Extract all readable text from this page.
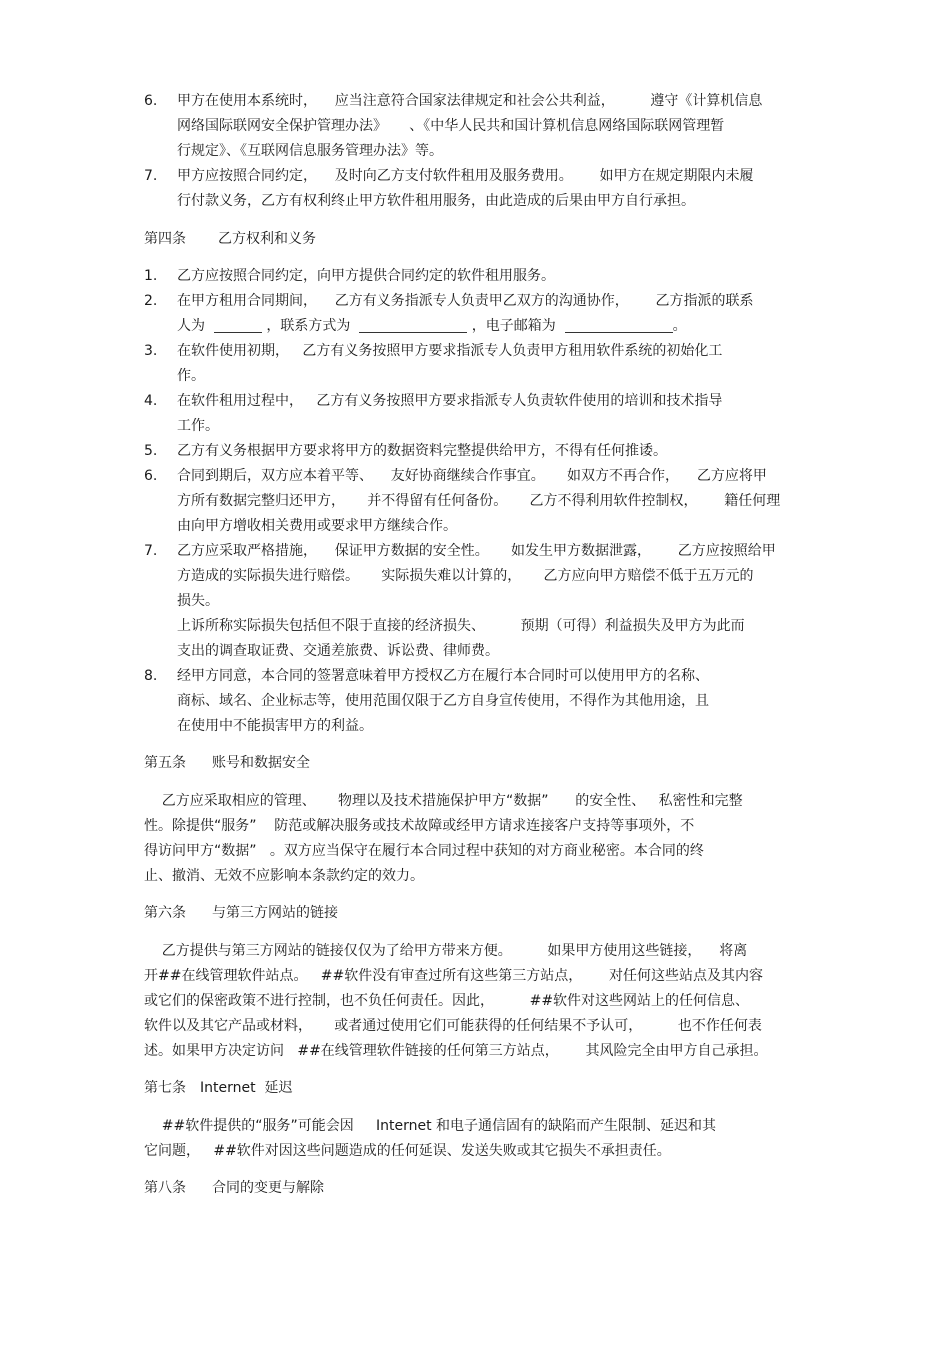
6.	甲方在使用本系统时，    应当注意符合国家法律规定和社会公共利益，        遵守《计算机信息
网络国际联网安全保护管理办法》     、《中华人民共和国计算机信息网络国际联网管理暂
行规定》、《互联网信息服务管理办法》等。
7.	甲方应按照合同约定，    及时向乙方支付软件租用及服务费用。      如甲方在规定期限内未履
行付款义务，乙方有权利终止甲方软件租用服务，由此造成的后果由甲方自行承担。
第四条 乙方权利和义务
1.	乙方应按照合同约定，向甲方提供合同约定的软件租用服务。
2.	在甲方租用合同期间，    乙方有义务指派专人负责甲乙双方的沟通协作，      乙方指派的联系
人为	，联系方式为	，电子邮箱为	。
3.	在软件使用初期，   乙方有义务按照甲方要求指派专人负责甲方租用软件系统的初始化工
作。
4.	在软件租用过程中，   乙方有义务按照甲方要求指派专人负责软件使用的培训和技术指导
工作。
5.	乙方有义务根据甲方要求将甲方的数据资料完整提供给甲方，不得有任何推诿。
6.	合同到期后，双方应本着平等、    友好协商继续合作事宜。     如双方不再合作，    乙方应将甲
方所有数据完整归还甲方，     并不得留有任何备份。     乙方不得利用软件控制权，      籍任何理
由向甲方增收相关费用或要求甲方继续合作。
7.	乙方应采取严格措施，    保证甲方数据的安全性。     如发生甲方数据泄露，      乙方应按照给甲
方造成的实际损失进行赔偿。     实际损失难以计算的，     乙方应向甲方赔偿不低于五万元的
损失。
上诉所称实际损失包括但不限于直接的经济损失、        预期（可得）利益损失及甲方为此而
支出的调查取证费、交通差旅费、诉讼费、律师费。
8.	经甲方同意，本合同的签署意味着甲方授权乙方在履行本合同时可以使用甲方的名称、
商标、域名、企业标志等，使用范围仅限于乙方自身宣传使用，不得作为其他用途，且
在使用中不能损害甲方的利益。
第五条 账号和数据安全
乙方应采取相应的管理、     物理以及技术措施保护甲方“数据”      的安全性、   私密性和完整
性。除提供“服务”    防范或解决服务或技术故障或经甲方请求连接客户支持等事项外，不
得访问甲方“数据”   。双方应当保守在履行本合同过程中获知的对方商业秘密。本合同的终
止、撤消、无效不应影响本条款约定的效力。
第六条 与第三方网站的链接
乙方提供与第三方网站的链接仅仅为了给甲方带来方便。        如果甲方使用这些链接，    将离
开##在线管理软件站点。   ##软件没有审查过所有这些第三方站点，      对任何这些站点及其内容
或它们的保密政策不进行控制，也不负任何责任。因此，        ##软件对这些网站上的任何信息、
软件以及其它产品或材料，     或者通过使用它们可能获得的任何结果不予认可，        也不作任何表
述。如果甲方决定访问   ##在线管理软件链接的任何第三方站点，      其风险完全由甲方自己承担。
第七条 Internet  延迟
##软件提供的“服务”可能会因     Internet 和电子通信固有的缺陷而产生限制、延迟和其
它问题，   ##软件对因这些问题造成的任何延误、发送失败或其它损失不承担责任。
第八条 合同的变更与解除
